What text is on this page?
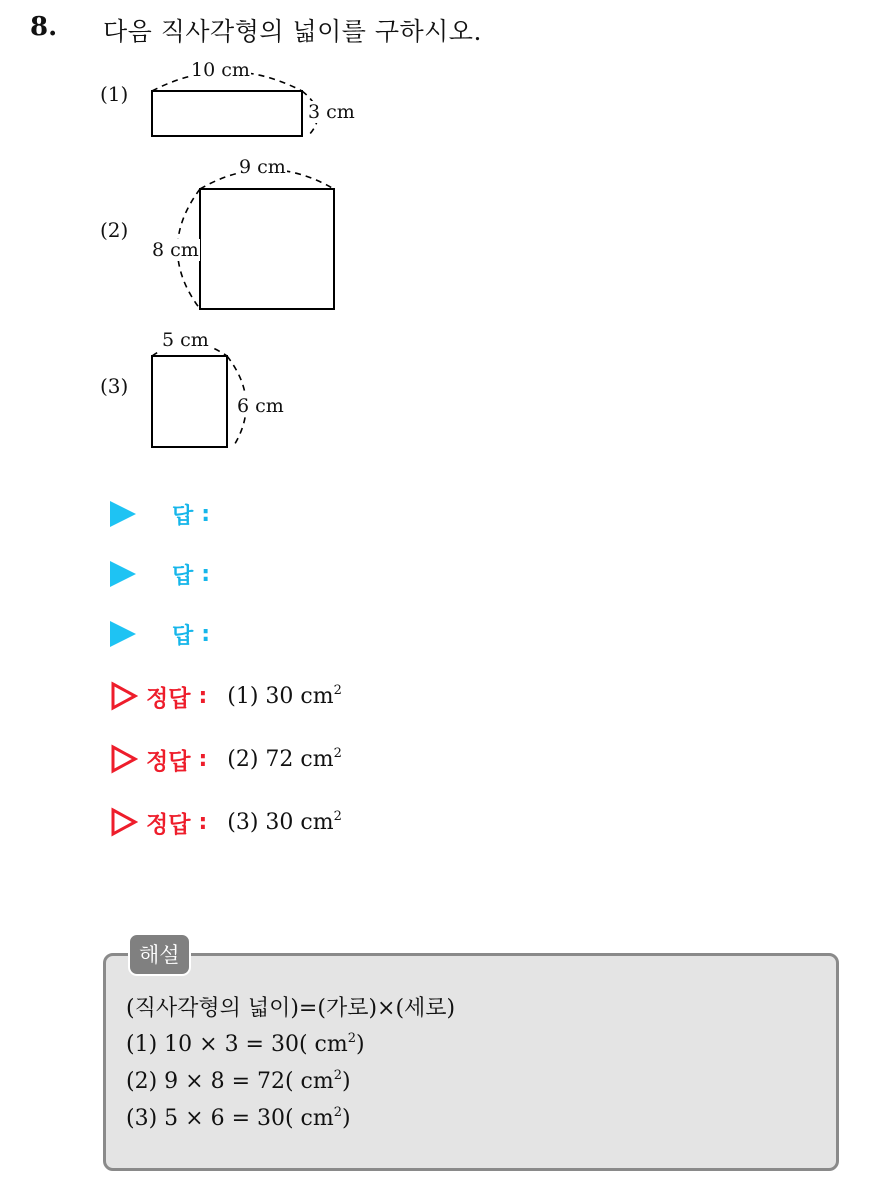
8. 다음 직사각형의 넓이를 구하시오.
(1)
10 cm
3 cm
(2)
9 cm
8 cm
(3)
5 cm
6 cm
답 :
답 :
답 :
정답 : (1) 30 $cm^2$
정답 : (2) 72 $cm^2$
정답 : (3) 30 $cm^2$
해설
(직사각형의 넓이)=(가로)×(세로)
(1) 10 × 3 = 30( $cm^2$)
(2) 9 × 8 = 72( $cm^2$)
(3) 5 × 6 = 30( $cm^2$)
